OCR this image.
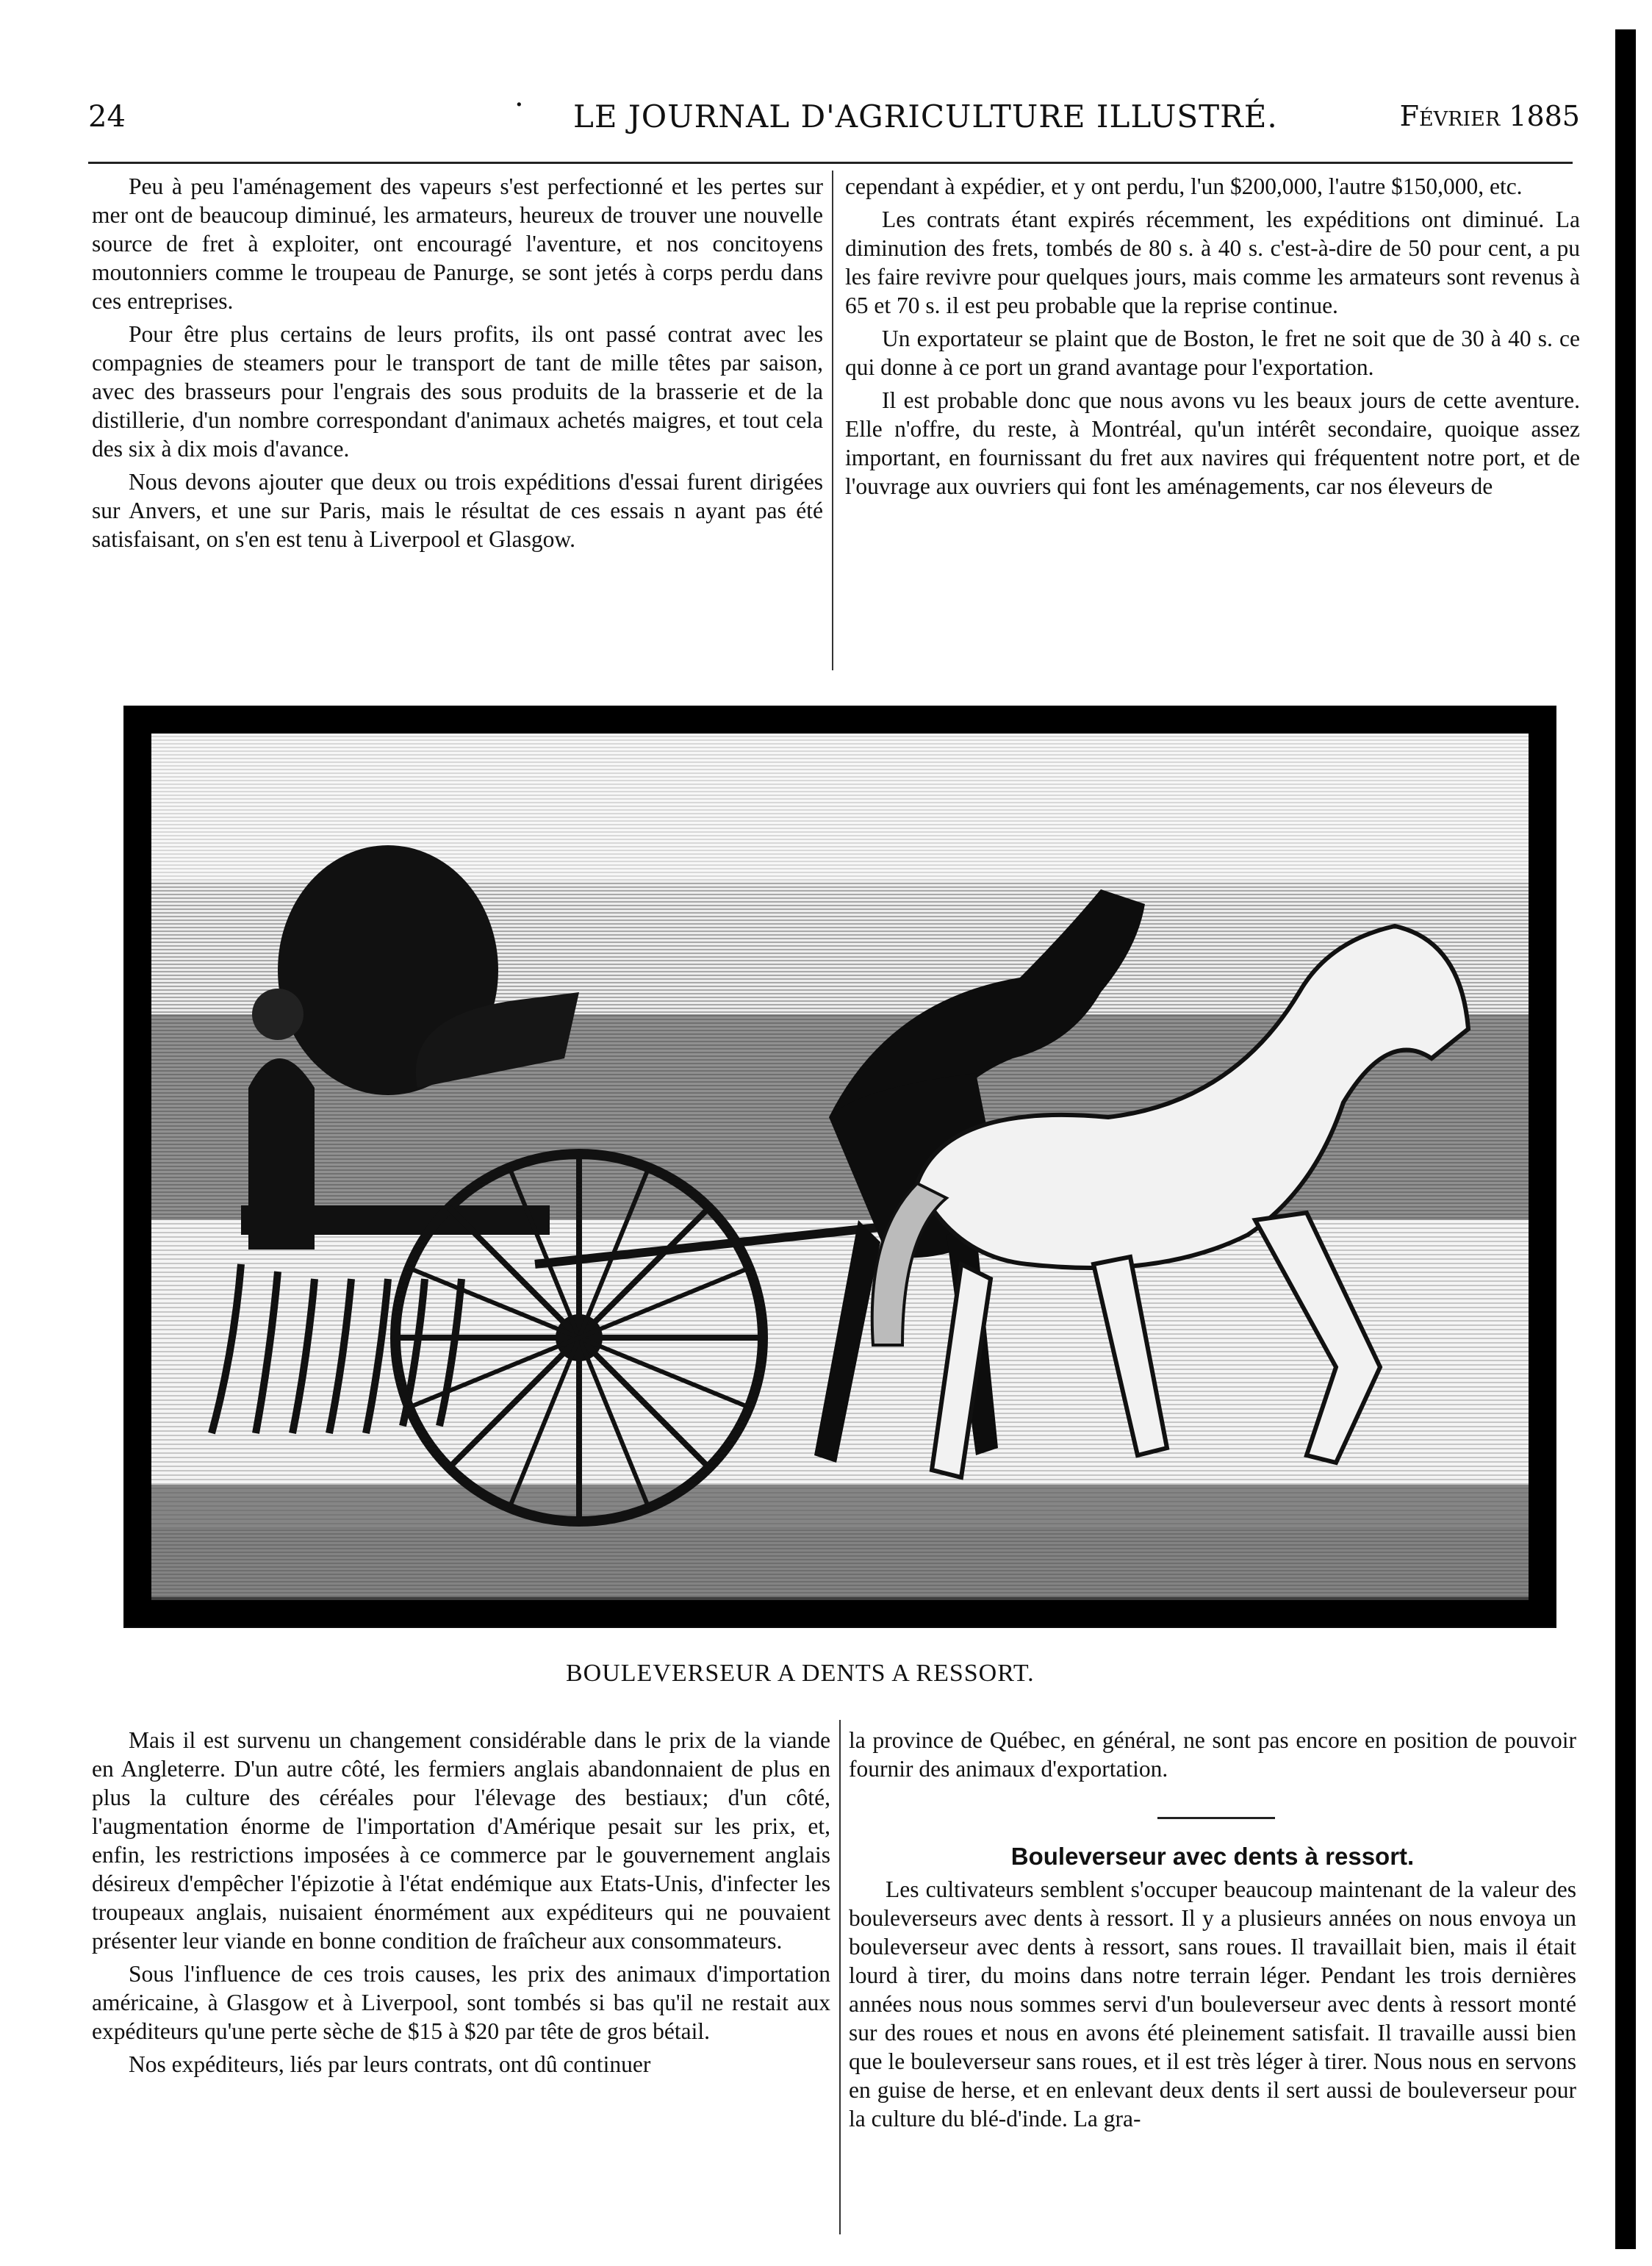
24	· LE JOURNAL D'AGRICULTURE ILLUSTRÉ.	Février 1885

Peu à peu l'aménagement des vapeurs s'est perfectionné et les pertes sur mer ont de beaucoup diminué, les armateurs, heureux de trouver une nouvelle source de fret à exploiter, ont encouragé l'aventure, et nos concitoyens moutonniers comme le troupeau de Panurge, se sont jetés à corps perdu dans ces entreprises.

Pour être plus certains de leurs profits, ils ont passé contrat avec les compagnies de steamers pour le transport de tant de mille têtes par saison, avec des brasseurs pour l'engrais des sous produits de la brasserie et de la distillerie, d'un nombre correspondant d'animaux achetés maigres, et tout cela des six à dix mois d'avance.

Nous devons ajouter que deux ou trois expéditions d'essai furent dirigées sur Anvers, et une sur Paris, mais le résultat de ces essais n ayant pas été satisfaisant, on s'en est tenu à Liverpool et Glasgow.

cependant à expédier, et y ont perdu, l'un $200,000, l'autre $150,000, etc.

Les contrats étant expirés récemment, les expéditions ont diminué. La diminution des frets, tombés de 80 s. à 40 s. c'est-à-dire de 50 pour cent, a pu les faire revivre pour quelques jours, mais comme les armateurs sont revenus à 65 et 70 s. il est peu probable que la reprise continue.

Un exportateur se plaint que de Boston, le fret ne soit que de 30 à 40 s. ce qui donne à ce port un grand avantage pour l'exportation.

Il est probable donc que nous avons vu les beaux jours de cette aventure. Elle n'offre, du reste, à Montréal, qu'un intérêt secondaire, quoique assez important, en fournissant du fret aux navires qui fréquentent notre port, et de l'ouvrage aux ouvriers qui font les aménagements, car nos éleveurs de

BOULEVERSEUR A DENTS A RESSORT.

Mais il est survenu un changement considérable dans le prix de la viande en Angleterre. D'un autre côté, les fermiers anglais abandonnaient de plus en plus la culture des céréales pour l'élevage des bestiaux; d'un côté, l'augmentation énorme de l'importation d'Amérique pesait sur les prix, et, enfin, les restrictions imposées à ce commerce par le gouvernement anglais désireux d'empêcher l'épizotie à l'état endémique aux Etats-Unis, d'infecter les troupeaux anglais, nuisaient énormément aux expéditeurs qui ne pouvaient présenter leur viande en bonne condition de fraîcheur aux consommateurs.

Sous l'influence de ces trois causes, les prix des animaux d'importation américaine, à Glasgow et à Liverpool, sont tombés si bas qu'il ne restait aux expéditeurs qu'une perte sèche de $15 à $20 par tête de gros bétail.

Nos expéditeurs, liés par leurs contrats, ont dû continuer

la province de Québec, en général, ne sont pas encore en position de pouvoir fournir des animaux d'exportation.

Bouleverseur avec dents à ressort.

Les cultivateurs semblent s'occuper beaucoup maintenant de la valeur des bouleverseurs avec dents à ressort. Il y a plusieurs années on nous envoya un bouleverseur avec dents à ressort, sans roues. Il travaillait bien, mais il était lourd à tirer, du moins dans notre terrain léger. Pendant les trois dernières années nous nous sommes servi d'un bouleverseur avec dents à ressort monté sur des roues et nous en avons été pleinement satisfait. Il travaille aussi bien que le bouleverseur sans roues, et il est très léger à tirer. Nous nous en servons en guise de herse, et en enlevant deux dents il sert aussi de bouleverseur pour la culture du blé-d'inde. La gra-
